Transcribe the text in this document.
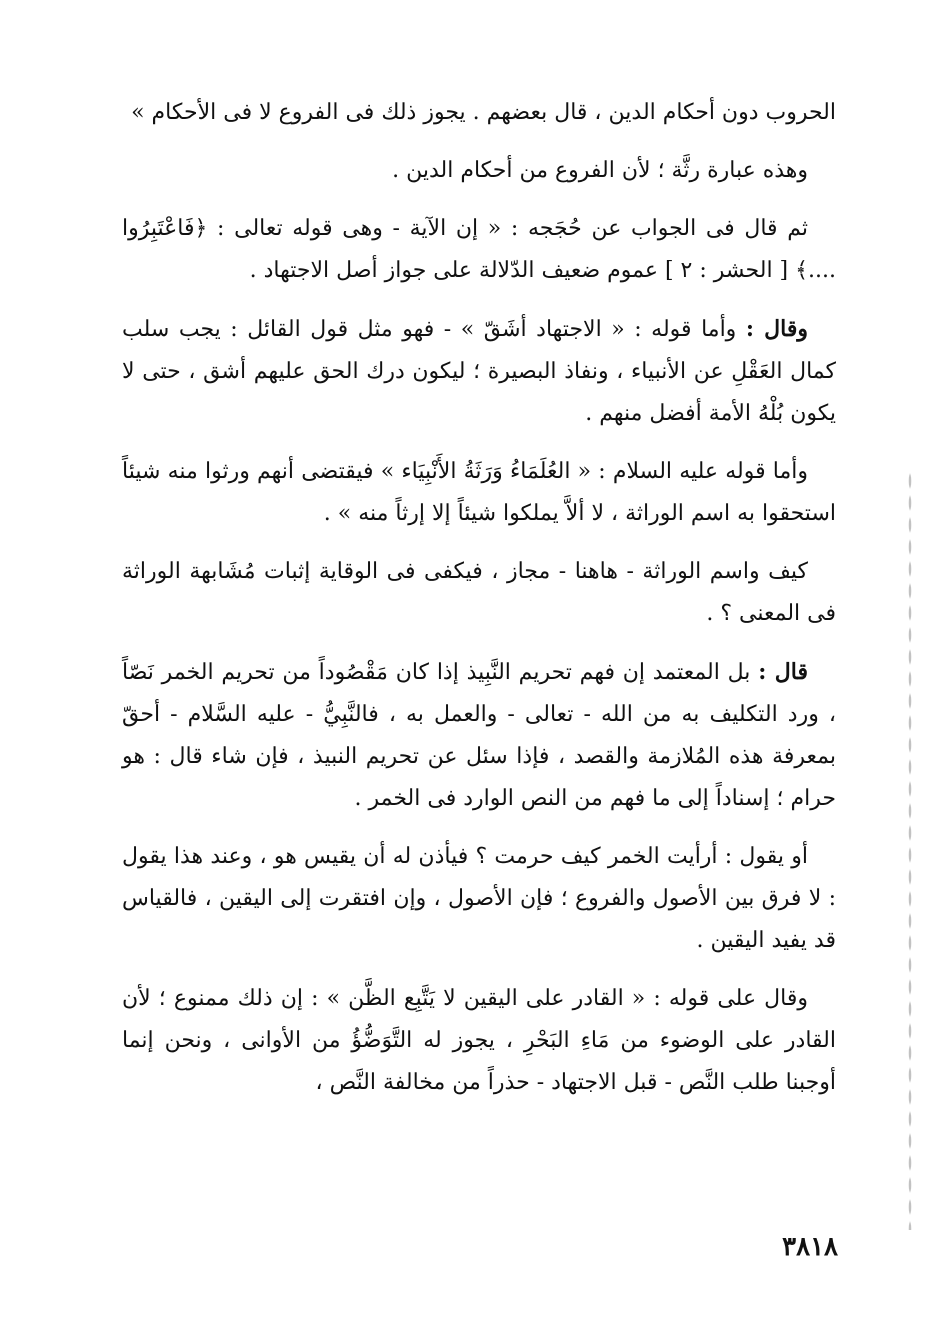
الحروب دون أحكام الدين ، قال بعضهم . يجوز ذلك فى الفروع لا فى الأحكام »

وهذه عبارة رثَّة ؛ لأن الفروع من أحكام الدين .

ثم قال فى الجواب عن حُجَجه : « إن الآية - وهى قوله تعالى : ﴿فَاعْتَبِرُوا ....﴾ [ الحشر : ٢ ] عموم ضعيف الدّلالة على جواز أصل الاجتهاد .

وقال : وأما قوله : « الاجتهاد أشَقّ » - فهو مثل قول القائل : يجب سلب كمال العَقْلِ عن الأنبياء ، ونفاذ البصيرة ؛ ليكون درك الحق عليهم أشق ، حتى لا يكون بُلْهُ الأمة أفضل منهم .

وأما قوله عليه السلام : « العُلَمَاءُ وَرَثَةُ الأَنْبِيَاء » فيقتضى أنهم ورثوا منه شيئاً استحقوا به اسم الوراثة ، لا ألاَّ يملكوا شيئاً إلا إرثاً منه » .

كيف واسم الوراثة - هاهنا - مجاز ، فيكفى فى الوقاية إثبات مُشَابهة الوراثة فى المعنى ؟ .

قال : بل المعتمد إن فهم تحريم النَّبِيذ إذا كان مَقْصُوداً من تحريم الخمر نَصّاً ، ورد التكليف به من الله - تعالى - والعمل به ، فالنَّبِيُّ - عليه السَّلام - أحقّ بمعرفة هذه المُلازمة والقصد ، فإذا سئل عن تحريم النبيذ ، فإن شاء قال : هو حرام ؛ إسناداً إلى ما فهم من النص الوارد فى الخمر .

أو يقول : أرأيت الخمر كيف حرمت ؟ فيأذن له أن يقيس هو ، وعند هذا يقول : لا فرق بين الأصول والفروع ؛ فإن الأصول ، وإن افتقرت إلى اليقين ، فالقياس قد يفيد اليقين .

وقال على قوله : « القادر على اليقين لا يَتَّبِع الظَّن » : إن ذلك ممنوع ؛ لأن القادر على الوضوء من مَاءِ البَحْرِ ، يجوز له التَّوَضُّؤُ من الأوانى ، ونحن إنما أوجبنا طلب النَّص - قبل الاجتهاد - حذراً من مخالفة النَّص ،

٣٨١٨
